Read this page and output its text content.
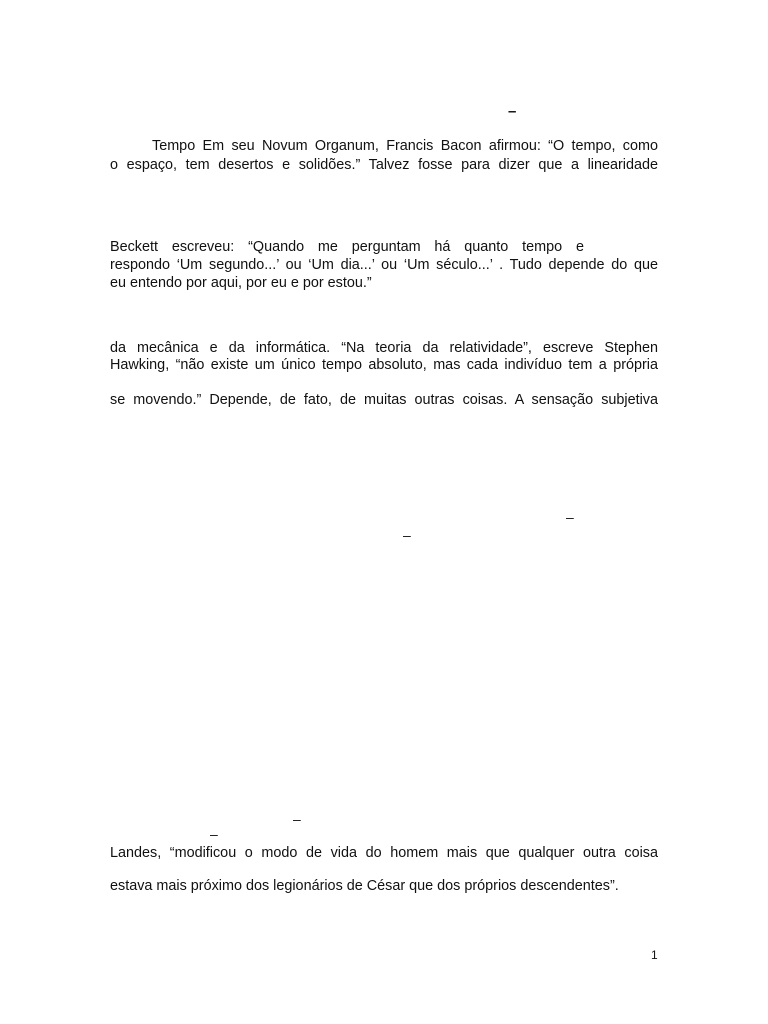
–
Tempo Em seu Novum Organum, Francis Bacon afirmou: “O tempo, como
o espaço, tem desertos e solidões.” Talvez fosse para dizer que a linearidade
Beckett escreveu: “Quando me perguntam há quanto tempo e
respondo ‘Um segundo...’ ou ‘Um dia...’ ou ‘Um século...’ . Tudo depende do que
eu entendo por aqui, por eu e por estou.”
da mecânica e da informática. “Na teoria da relatividade”, escreve Stephen
Hawking, “não existe um único tempo absoluto, mas cada indivíduo tem a própria
se movendo.” Depende, de fato, de muitas outras coisas. A sensação subjetiva
–
–
–
–
Landes, “modificou o modo de vida do homem mais que qualquer outra coisa
estava mais próximo dos legionários de César que dos próprios descendentes”.
1
